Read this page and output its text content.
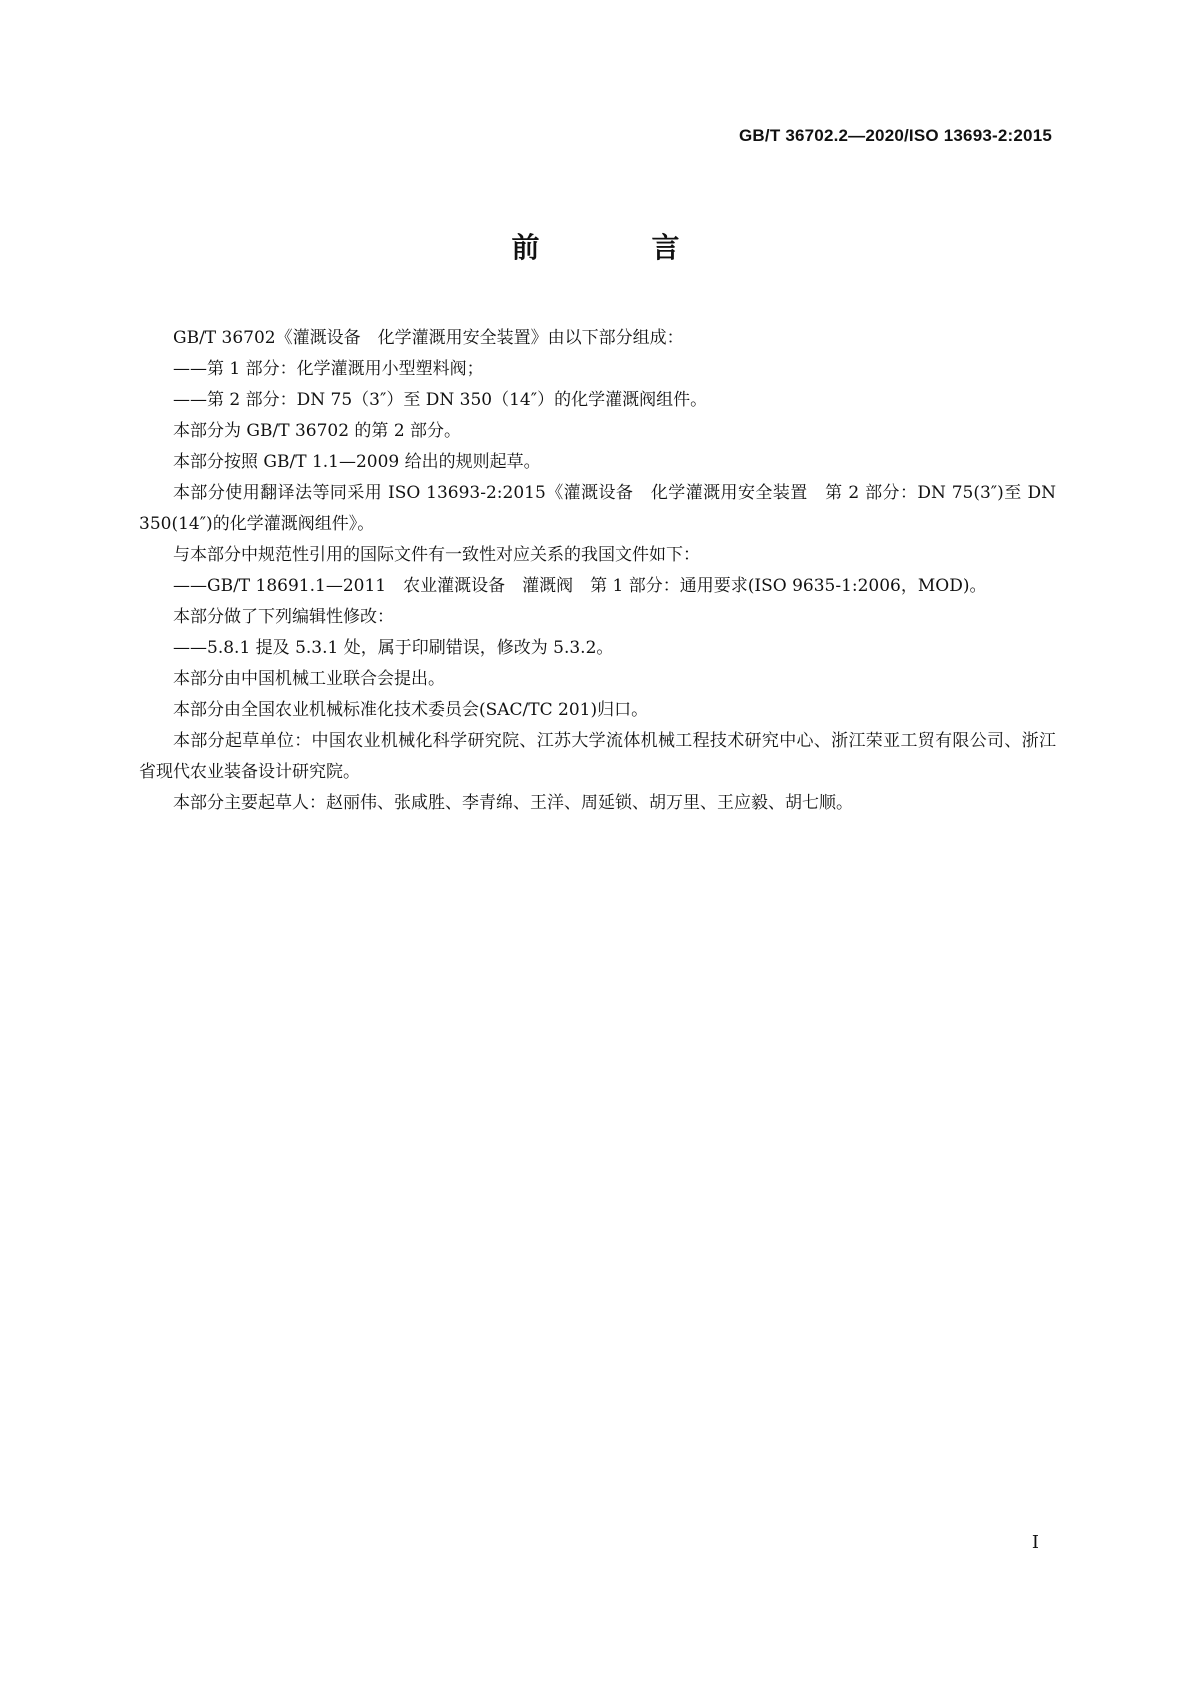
GB/T 36702.2—2020/ISO 13693-2:2015
前　言

GB/T 36702《灌溉设备　化学灌溉用安全装置》由以下部分组成：

——第 1 部分：化学灌溉用小型塑料阀；

——第 2 部分：DN 75（3″）至 DN 350（14″）的化学灌溉阀组件。

本部分为 GB/T 36702 的第 2 部分。

本部分按照 GB/T 1.1—2009 给出的规则起草。

本部分使用翻译法等同采用 ISO 13693-2:2015《灌溉设备　化学灌溉用安全装置　第 2 部分：DN 75(3″)至 DN 350(14″)的化学灌溉阀组件》。

与本部分中规范性引用的国际文件有一致性对应关系的我国文件如下：

——GB/T 18691.1—2011　农业灌溉设备　灌溉阀　第 1 部分：通用要求(ISO 9635-1:2006，MOD)。

本部分做了下列编辑性修改：

——5.8.1 提及 5.3.1 处，属于印刷错误，修改为 5.3.2。

本部分由中国机械工业联合会提出。

本部分由全国农业机械标准化技术委员会(SAC/TC 201)归口。

本部分起草单位：中国农业机械化科学研究院、江苏大学流体机械工程技术研究中心、浙江荣亚工贸有限公司、浙江省现代农业装备设计研究院。

本部分主要起草人：赵丽伟、张咸胜、李青绵、王洋、周延锁、胡万里、王应毅、胡七顺。

I
